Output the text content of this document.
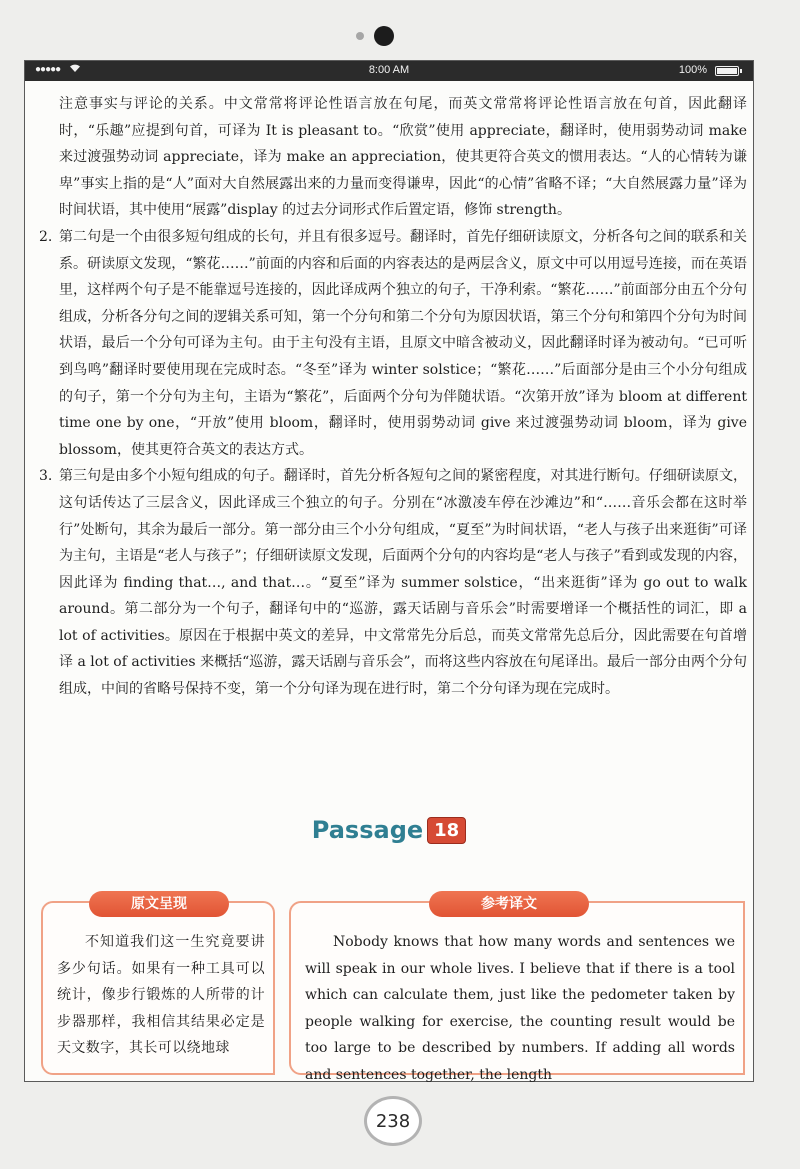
●●●●●	8:00 AM	100%

注意事实与评论的关系。中文常常将评论性语言放在句尾，而英文常常将评论性语言放在句首，因此翻译时，“乐趣”应提到句首，可译为 It is pleasant to。“欣赏”使用 appreciate，翻译时，使用弱势动词 make 来过渡强势动词 appreciate，译为 make an appreciation，使其更符合英文的惯用表达。“人的心情转为谦卑”事实上指的是“人”面对大自然展露出来的力量而变得谦卑，因此“的心情”省略不译；“大自然展露力量”译为时间状语，其中使用“展露”display 的过去分词形式作后置定语，修饰 strength。

2. 第二句是一个由很多短句组成的长句，并且有很多逗号。翻译时，首先仔细研读原文，分析各句之间的联系和关系。研读原文发现，“繁花……”前面的内容和后面的内容表达的是两层含义，原文中可以用逗号连接，而在英语里，这样两个句子是不能靠逗号连接的，因此译成两个独立的句子，干净利索。“繁花……”前面部分由五个分句组成，分析各分句之间的逻辑关系可知，第一个分句和第二个分句为原因状语，第三个分句和第四个分句为时间状语，最后一个分句可译为主句。由于主句没有主语，且原文中暗含被动义，因此翻译时译为被动句。“已可听到鸟鸣”翻译时要使用现在完成时态。“冬至”译为 winter solstice；“繁花……”后面部分是由三个小分句组成的句子，第一个分句为主句，主语为“繁花”，后面两个分句为伴随状语。“次第开放”译为 bloom at different time one by one，“开放”使用 bloom，翻译时，使用弱势动词 give 来过渡强势动词 bloom，译为 give blossom，使其更符合英文的表达方式。
3. 第三句是由多个小短句组成的句子。翻译时，首先分析各短句之间的紧密程度，对其进行断句。仔细研读原文，这句话传达了三层含义，因此译成三个独立的句子。分别在“冰激凌车停在沙滩边”和“……音乐会都在这时举行”处断句，其余为最后一部分。第一部分由三个小分句组成，“夏至”为时间状语，“老人与孩子出来逛街”可译为主句，主语是“老人与孩子”；仔细研读原文发现，后面两个分句的内容均是“老人与孩子”看到或发现的内容，因此译为 finding that…, and that…。“夏至”译为 summer solstice，“出来逛街”译为 go out to walk around。第二部分为一个句子，翻译句中的“巡游，露天话剧与音乐会”时需要增译一个概括性的词汇，即 a lot of activities。原因在于根据中英文的差异，中文常常先分后总，而英文常常先总后分，因此需要在句首增译 a lot of activities 来概括“巡游，露天话剧与音乐会”，而将这些内容放在句尾译出。最后一部分由两个分句组成，中间的省略号保持不变，第一个分句译为现在进行时，第二个分句译为现在完成时。
Passage 18
原文呈现
不知道我们这一生究竟要讲多少句话。如果有一种工具可以统计，像步行锻炼的人所带的计步器那样，我相信其结果必定是天文数字，其长可以绕地球
参考译文
Nobody knows that how many words and sentences we will speak in our whole lives. I believe that if there is a tool which can calculate them, just like the pedometer taken by people walking for exercise, the counting result would be too large to be described by numbers. If adding all words and sentences together, the length
238
